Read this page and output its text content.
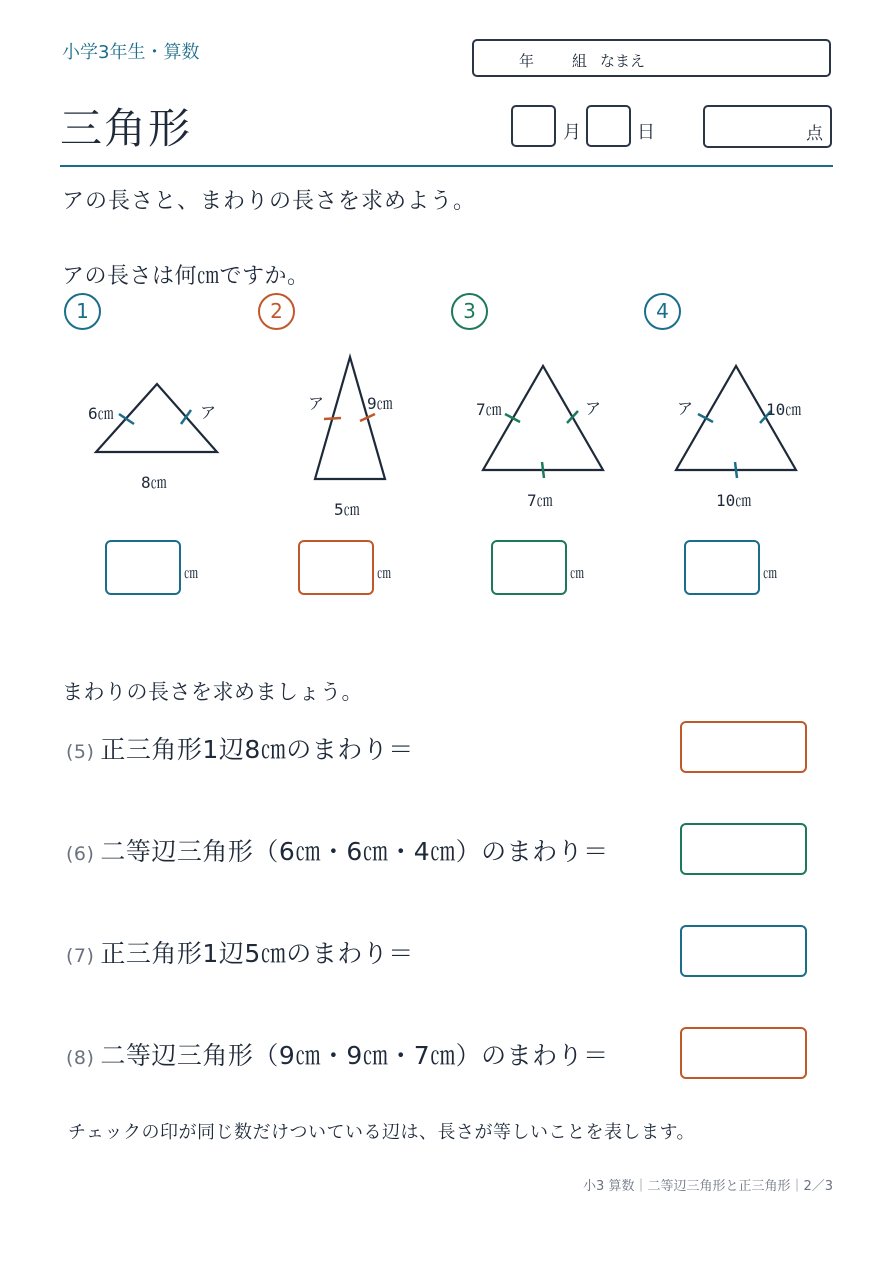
小学3年生・算数	年	組 なまえ
三角形	月	日	点
アの長さと、まわりの長さを求めよう。
アの長さは何㎝ですか。
1
6㎝	ア
8㎝
㎝
2
ア	9㎝
5㎝
㎝
3
7㎝	ア
7㎝
㎝
4
ア	10㎝
10㎝
㎝
まわりの長さを求めましょう。
(5) 正三角形1辺8㎝のまわり＝
(6) 二等辺三角形（6㎝・6㎝・4㎝）のまわり＝
(7) 正三角形1辺5㎝のまわり＝
(8) 二等辺三角形（9㎝・9㎝・7㎝）のまわり＝
チェックの印が同じ数だけついている辺は、長さが等しいことを表します。
小3 算数｜二等辺三角形と正三角形｜2／3
